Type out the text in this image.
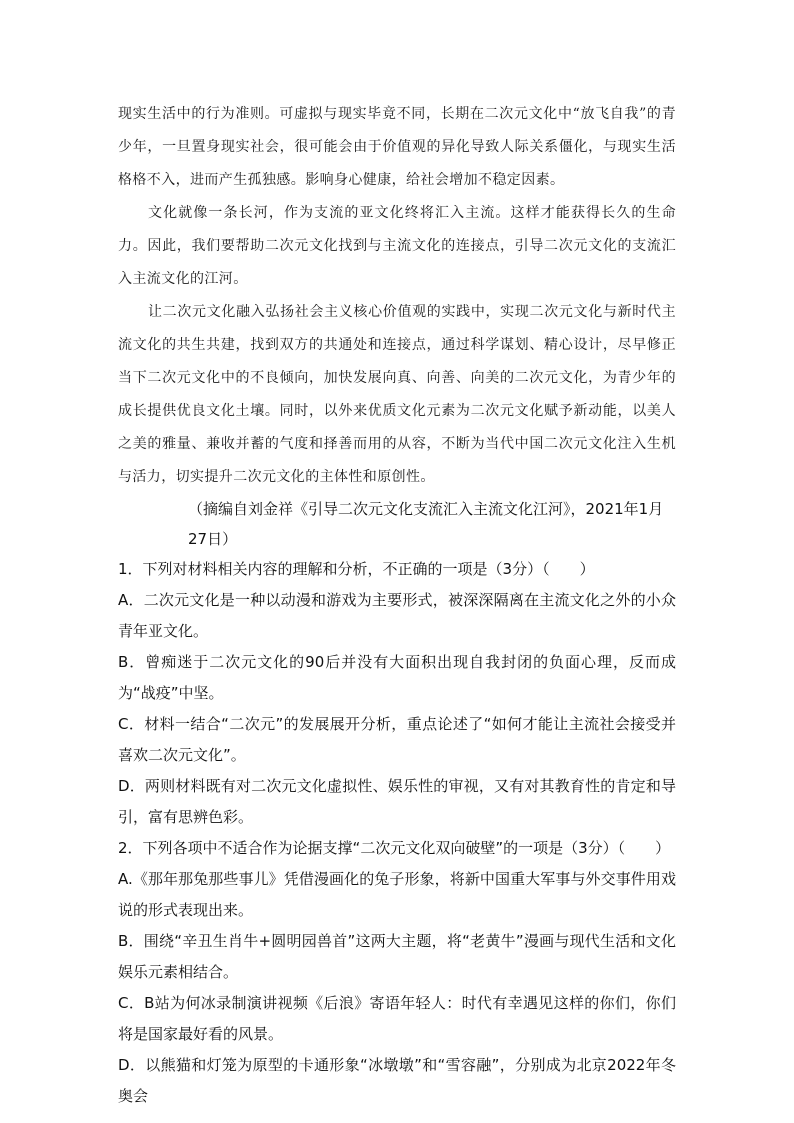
现实生活中的行为准则。可虚拟与现实毕竟不同，长期在二次元文化中“放飞自我”的青少年，一旦置身现实社会，很可能会由于价值观的异化导致人际关系僵化，与现实生活格格不入，进而产生孤独感。影响身心健康，给社会增加不稳定因素。

文化就像一条长河，作为支流的亚文化终将汇入主流。这样才能获得长久的生命力。因此，我们要帮助二次元文化找到与主流文化的连接点，引导二次元文化的支流汇入主流文化的江河。

让二次元文化融入弘扬社会主义核心价值观的实践中，实现二次元文化与新时代主流文化的共生共建，找到双方的共通处和连接点，通过科学谋划、精心设计，尽早修正当下二次元文化中的不良倾向，加快发展向真、向善、向美的二次元文化，为青少年的成长提供优良文化土壤。同时，以外来优质文化元素为二次元文化赋予新动能，以美人之美的雅量、兼收并蓄的气度和择善而用的从容，不断为当代中国二次元文化注入生机与活力，切实提升二次元文化的主体性和原创性。

（摘编自刘金祥《引导二次元文化支流汇入主流文化江河》，2021年1月27日）

1．下列对材料相关内容的理解和分析，不正确的一项是（3分）（　　）

A．二次元文化是一种以动漫和游戏为主要形式，被深深隔离在主流文化之外的小众青年亚文化。

B．曾痴迷于二次元文化的90后并没有大面积出现自我封闭的负面心理，反而成为“战疫”中坚。

C．材料一结合“二次元”的发展展开分析，重点论述了“如何才能让主流社会接受并喜欢二次元文化”。

D．两则材料既有对二次元文化虚拟性、娱乐性的审视，又有对其教育性的肯定和导引，富有思辨色彩。

2．下列各项中不适合作为论据支撑“二次元文化双向破壁”的一项是（3分）（　　）

A.《那年那兔那些事儿》凭借漫画化的兔子形象，将新中国重大军事与外交事件用戏说的形式表现出来。

B．围绕“辛丑生肖牛+圆明园兽首”这两大主题，将“老黄牛”漫画与现代生活和文化娱乐元素相结合。

C．B站为何冰录制演讲视频《后浪》寄语年轻人：时代有幸遇见这样的你们，你们将是国家最好看的风景。

D．以熊猫和灯笼为原型的卡通形象“冰墩墩”和“雪容融”，分别成为北京2022年冬奥会
